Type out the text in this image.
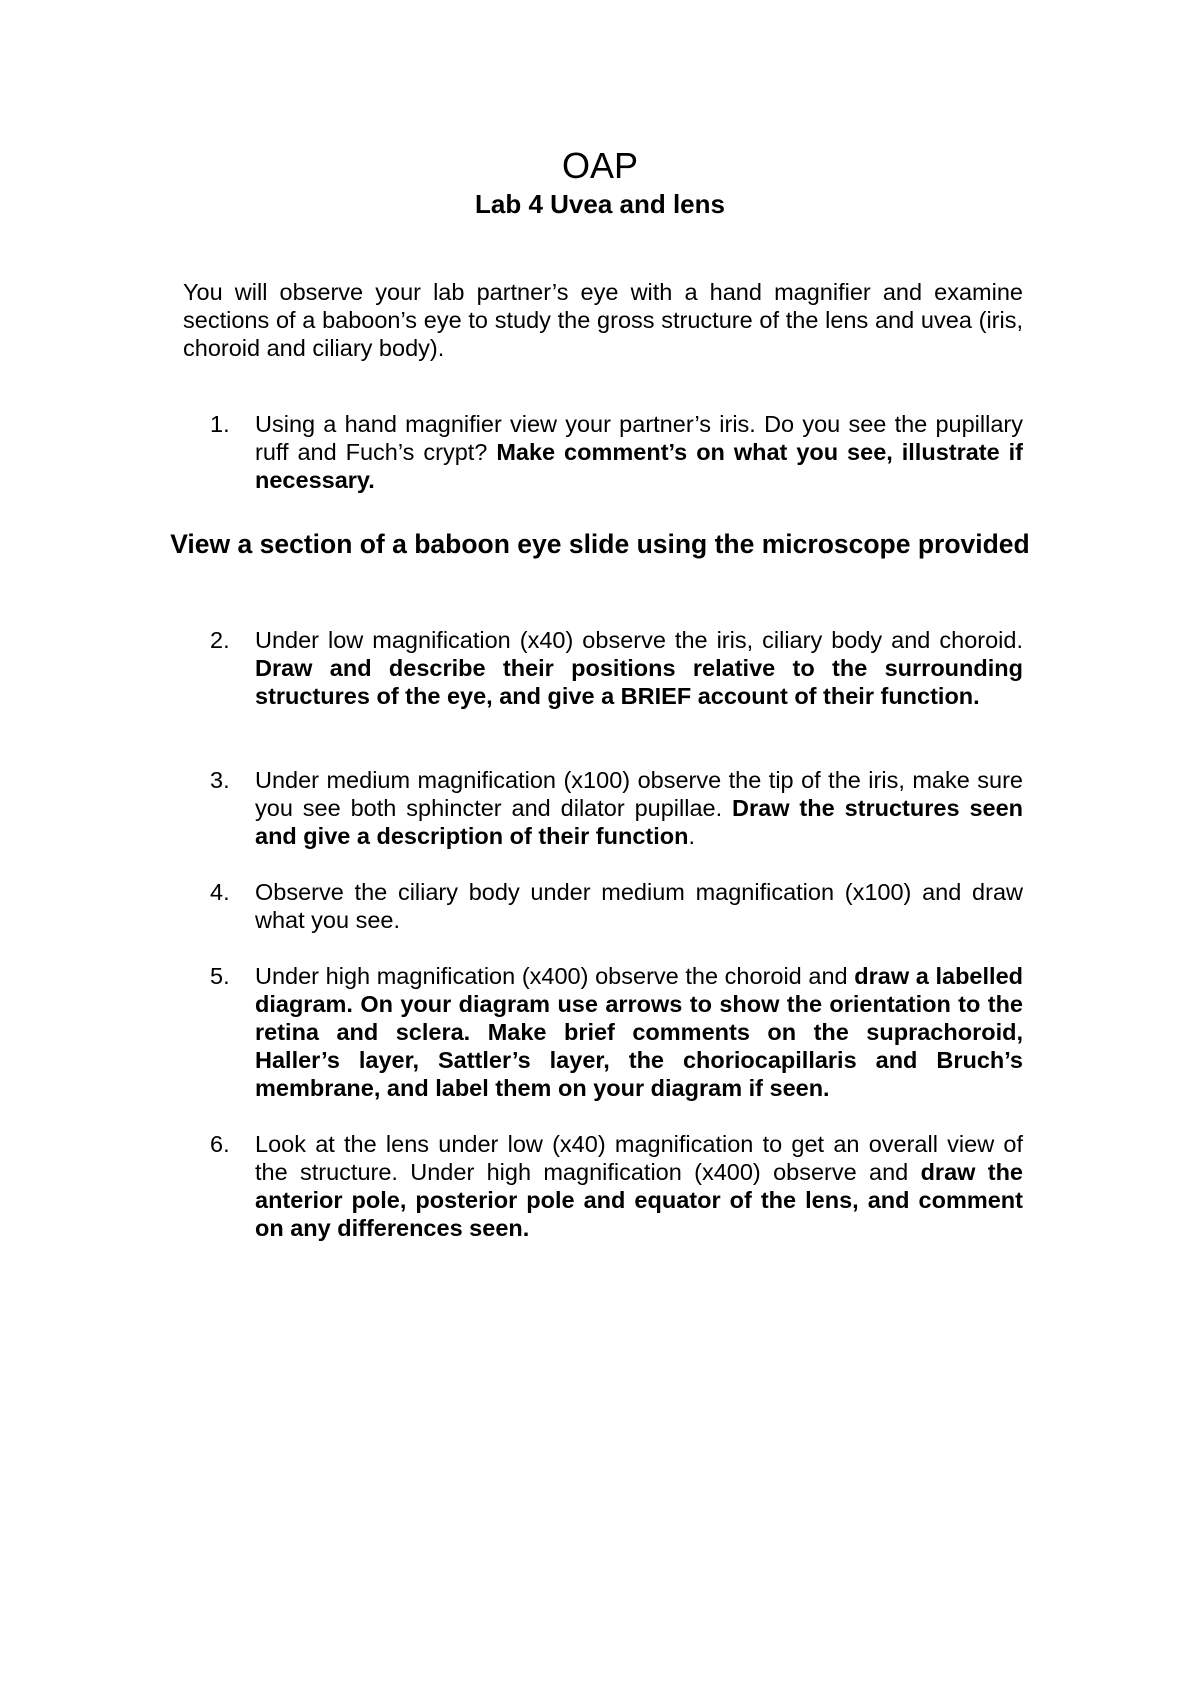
OAP
Lab 4 Uvea and lens
You will observe your lab partner’s eye with a hand magnifier and examine sections of a baboon’s eye to study the gross structure of the lens and uvea (iris, choroid and ciliary body).
1.	Using a hand magnifier view your partner’s iris. Do you see the pupillary ruff and Fuch’s crypt? Make comment’s on what you see, illustrate if necessary.
View a section of a baboon eye slide using the microscope provided
2.	Under low magnification (x40) observe the iris, ciliary body and choroid. Draw and describe their positions relative to the surrounding structures of the eye, and give a BRIEF account of their function.
3.	Under medium magnification (x100) observe the tip of the iris, make sure you see both sphincter and dilator pupillae. Draw the structures seen and give a description of their function.
4.	Observe the ciliary body under medium magnification (x100) and draw what you see.
5.	Under high magnification (x400) observe the choroid and draw a labelled diagram. On your diagram use arrows to show the orientation to the retina and sclera. Make brief comments on the suprachoroid, Haller’s layer, Sattler’s layer, the choriocapillaris and Bruch’s membrane, and label them on your diagram if seen.
6.	Look at the lens under low (x40) magnification to get an overall view of the structure. Under high magnification (x400) observe and draw the anterior pole, posterior pole and equator of the lens, and comment on any differences seen.
